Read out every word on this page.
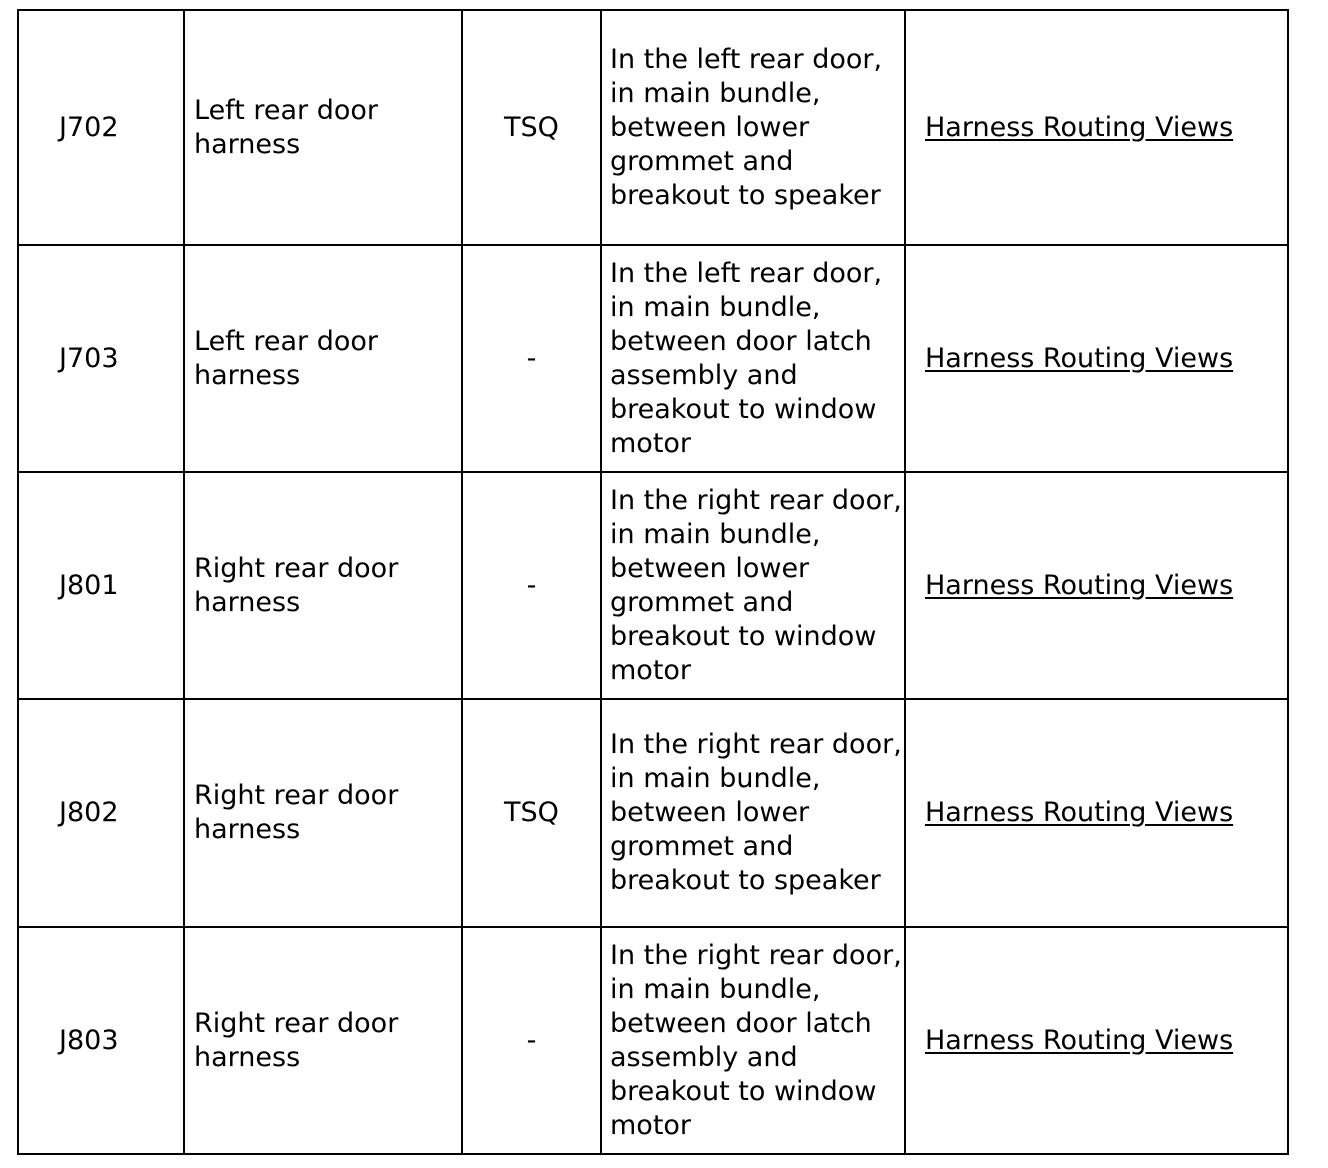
J702	Left rear door harness	TSQ	In the left rear door, in main bundle, between lower grommet and breakout to speaker	Harness Routing Views
J703	Left rear door harness	-	In the left rear door, in main bundle, between door latch assembly and breakout to window motor	Harness Routing Views
J801	Right rear door harness	-	In the right rear door, in main bundle, between lower grommet and breakout to window motor	Harness Routing Views
J802	Right rear door harness	TSQ	In the right rear door, in main bundle, between lower grommet and breakout to speaker	Harness Routing Views
J803	Right rear door harness	-	In the right rear door, in main bundle, between door latch assembly and breakout to window motor	Harness Routing Views
